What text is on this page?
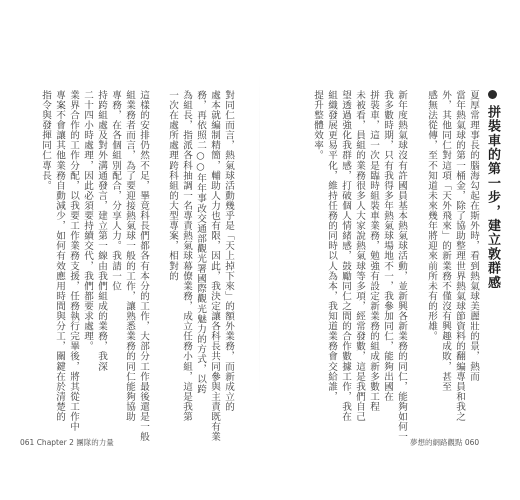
拼裝車的第一步，建立敦群感
夏厚常理事長的腦海勾起在斯外時，看到熱氣球美麗壯的景，熱而
當年熱氣球的第一桶金，除了協助整理世界熱氣球節資料的翻編專員和我之
外，其他同仁對這項「天外飛來」的新業務不僅沒有興趣成敗，甚至
感無法從傳，至不知道未來幾年將迎來前所未有的形雄。
新年度熱氣球沒有許國員基本熱氣球活動，並新興各新業務的同仁，能夠如何一
我多數時期，只有我得多年熱氣球場地不一，我參加同仁，能夠出國在
拼裝車，這一次是臨時組裝車業務，勉強有設定新業務的組成新多數工程
未被看，員組的業務很多人大家說熱氣球等多項，經常發數，這是我們自己
望透過強化我群感，打破個人情緒感，鼓勵同仁之間的合作數據工作，我在
組織發展更易平化，維持任務的同時以人為本，我知道業務會交給誰，
提升整體效率。
夢想的網路觀點 060
對同仁而言，熱氣球活動幾乎是「天上掉下來」的額外業務，而新成立的
處本就編制精簡，輔助人力也有限，因此，我決定讓各科長共同參與主責既有業
務，再依照二○○年年事改交通部觀光署國際觀光魅力的方式，以跨
為組長，指派各科抽調一名專責熱氣球幕僚業務，成立任務小組，這是我第
一次在處所處理跨科組的大型專案，相對的
這樣的安排仍然不足，畢竟科長們都各有本分的工作，大部分工作最後還是一般
組業務者而言，為了要迎接熱氣球一般的工作，讓熟悉業務的同仁能夠協助
專務，在各個組別配合，分享人力。我請一位
持跨組處及對外溝通發言，建立第一線由我們組成的業務，我深
二十四小時處理，因此必須要持續交代，我們都要求處理。
業界合作的工作分配，以我要工作業務支援，任務執行完畢後，將其從工作中
專案不會讓其他業務自動減少，如何有效應用時間與分工，關鍵在於清楚的
指令與發揮同仁專長。
061 Chapter 2 團隊的力量
